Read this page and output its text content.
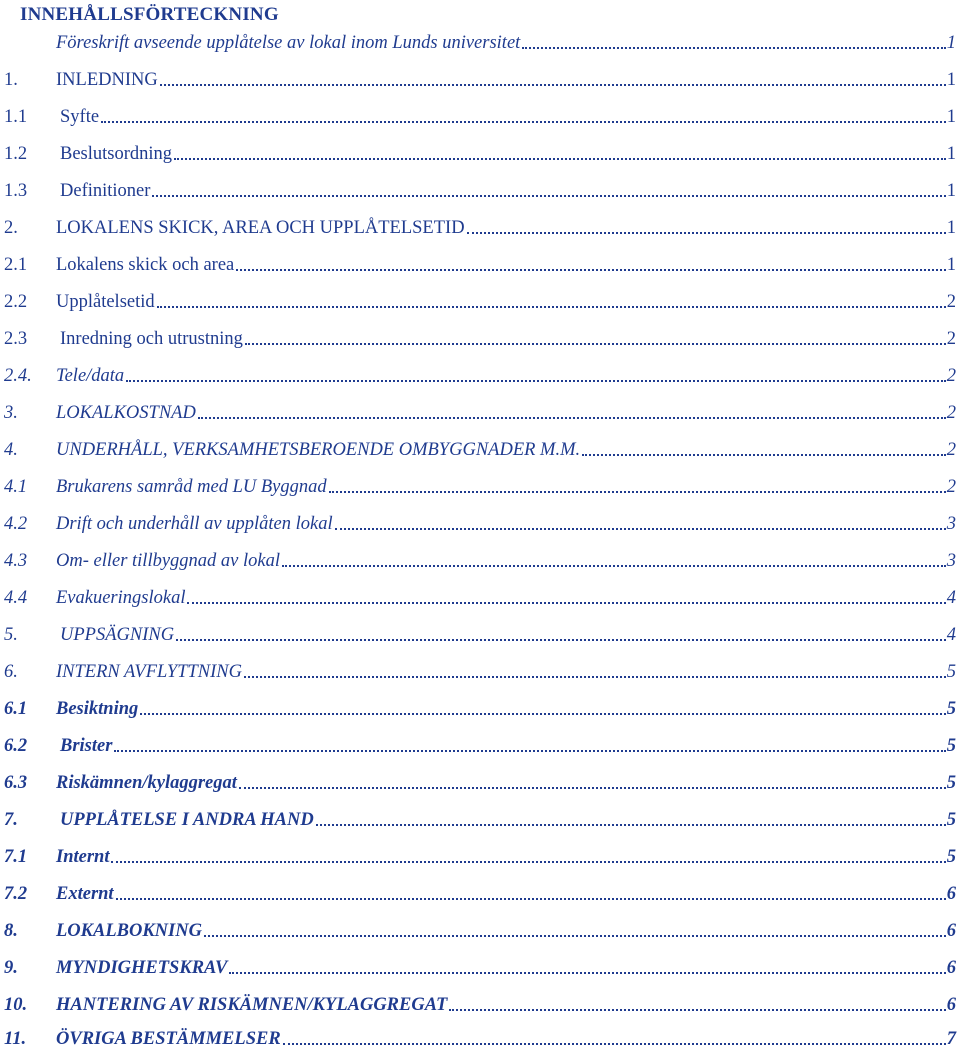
INNEHÅLLSFÖRTECKNING
Föreskrift avseende upplåtelse av lokal inom Lunds universitet	1
1. INLEDNING	1
1.1 Syfte	1
1.2 Beslutsordning	1
1.3 Definitioner	1
2. LOKALENS SKICK, AREA OCH UPPLÅTELSETID	1
2.1 Lokalens skick och area	1
2.2 Upplåtelsetid	2
2.3 Inredning och utrustning	2
2.4. Tele/data	2
3. LOKALKOSTNAD	2
4. UNDERHÅLL, VERKSAMHETSBEROENDE OMBYGGNADER M.M.	2
4.1 Brukarens samråd med LU Byggnad	2
4.2 Drift och underhåll av upplåten lokal	3
4.3 Om- eller tillbyggnad av lokal	3
4.4 Evakueringslokal	4
5. UPPSÄGNING	4
6. INTERN AVFLYTTNING	5
6.1 Besiktning	5
6.2 Brister	5
6.3 Riskämnen/kylaggregat	5
7. UPPLÅTELSE I ANDRA HAND	5
7.1 Internt	5
7.2 Externt	6
8. LOKALBOKNING	6
9. MYNDIGHETSKRAV	6
10. HANTERING AV RISKÄMNEN/KYLAGGREGAT	6
11. ÖVRIGA BESTÄMMELSER	7
